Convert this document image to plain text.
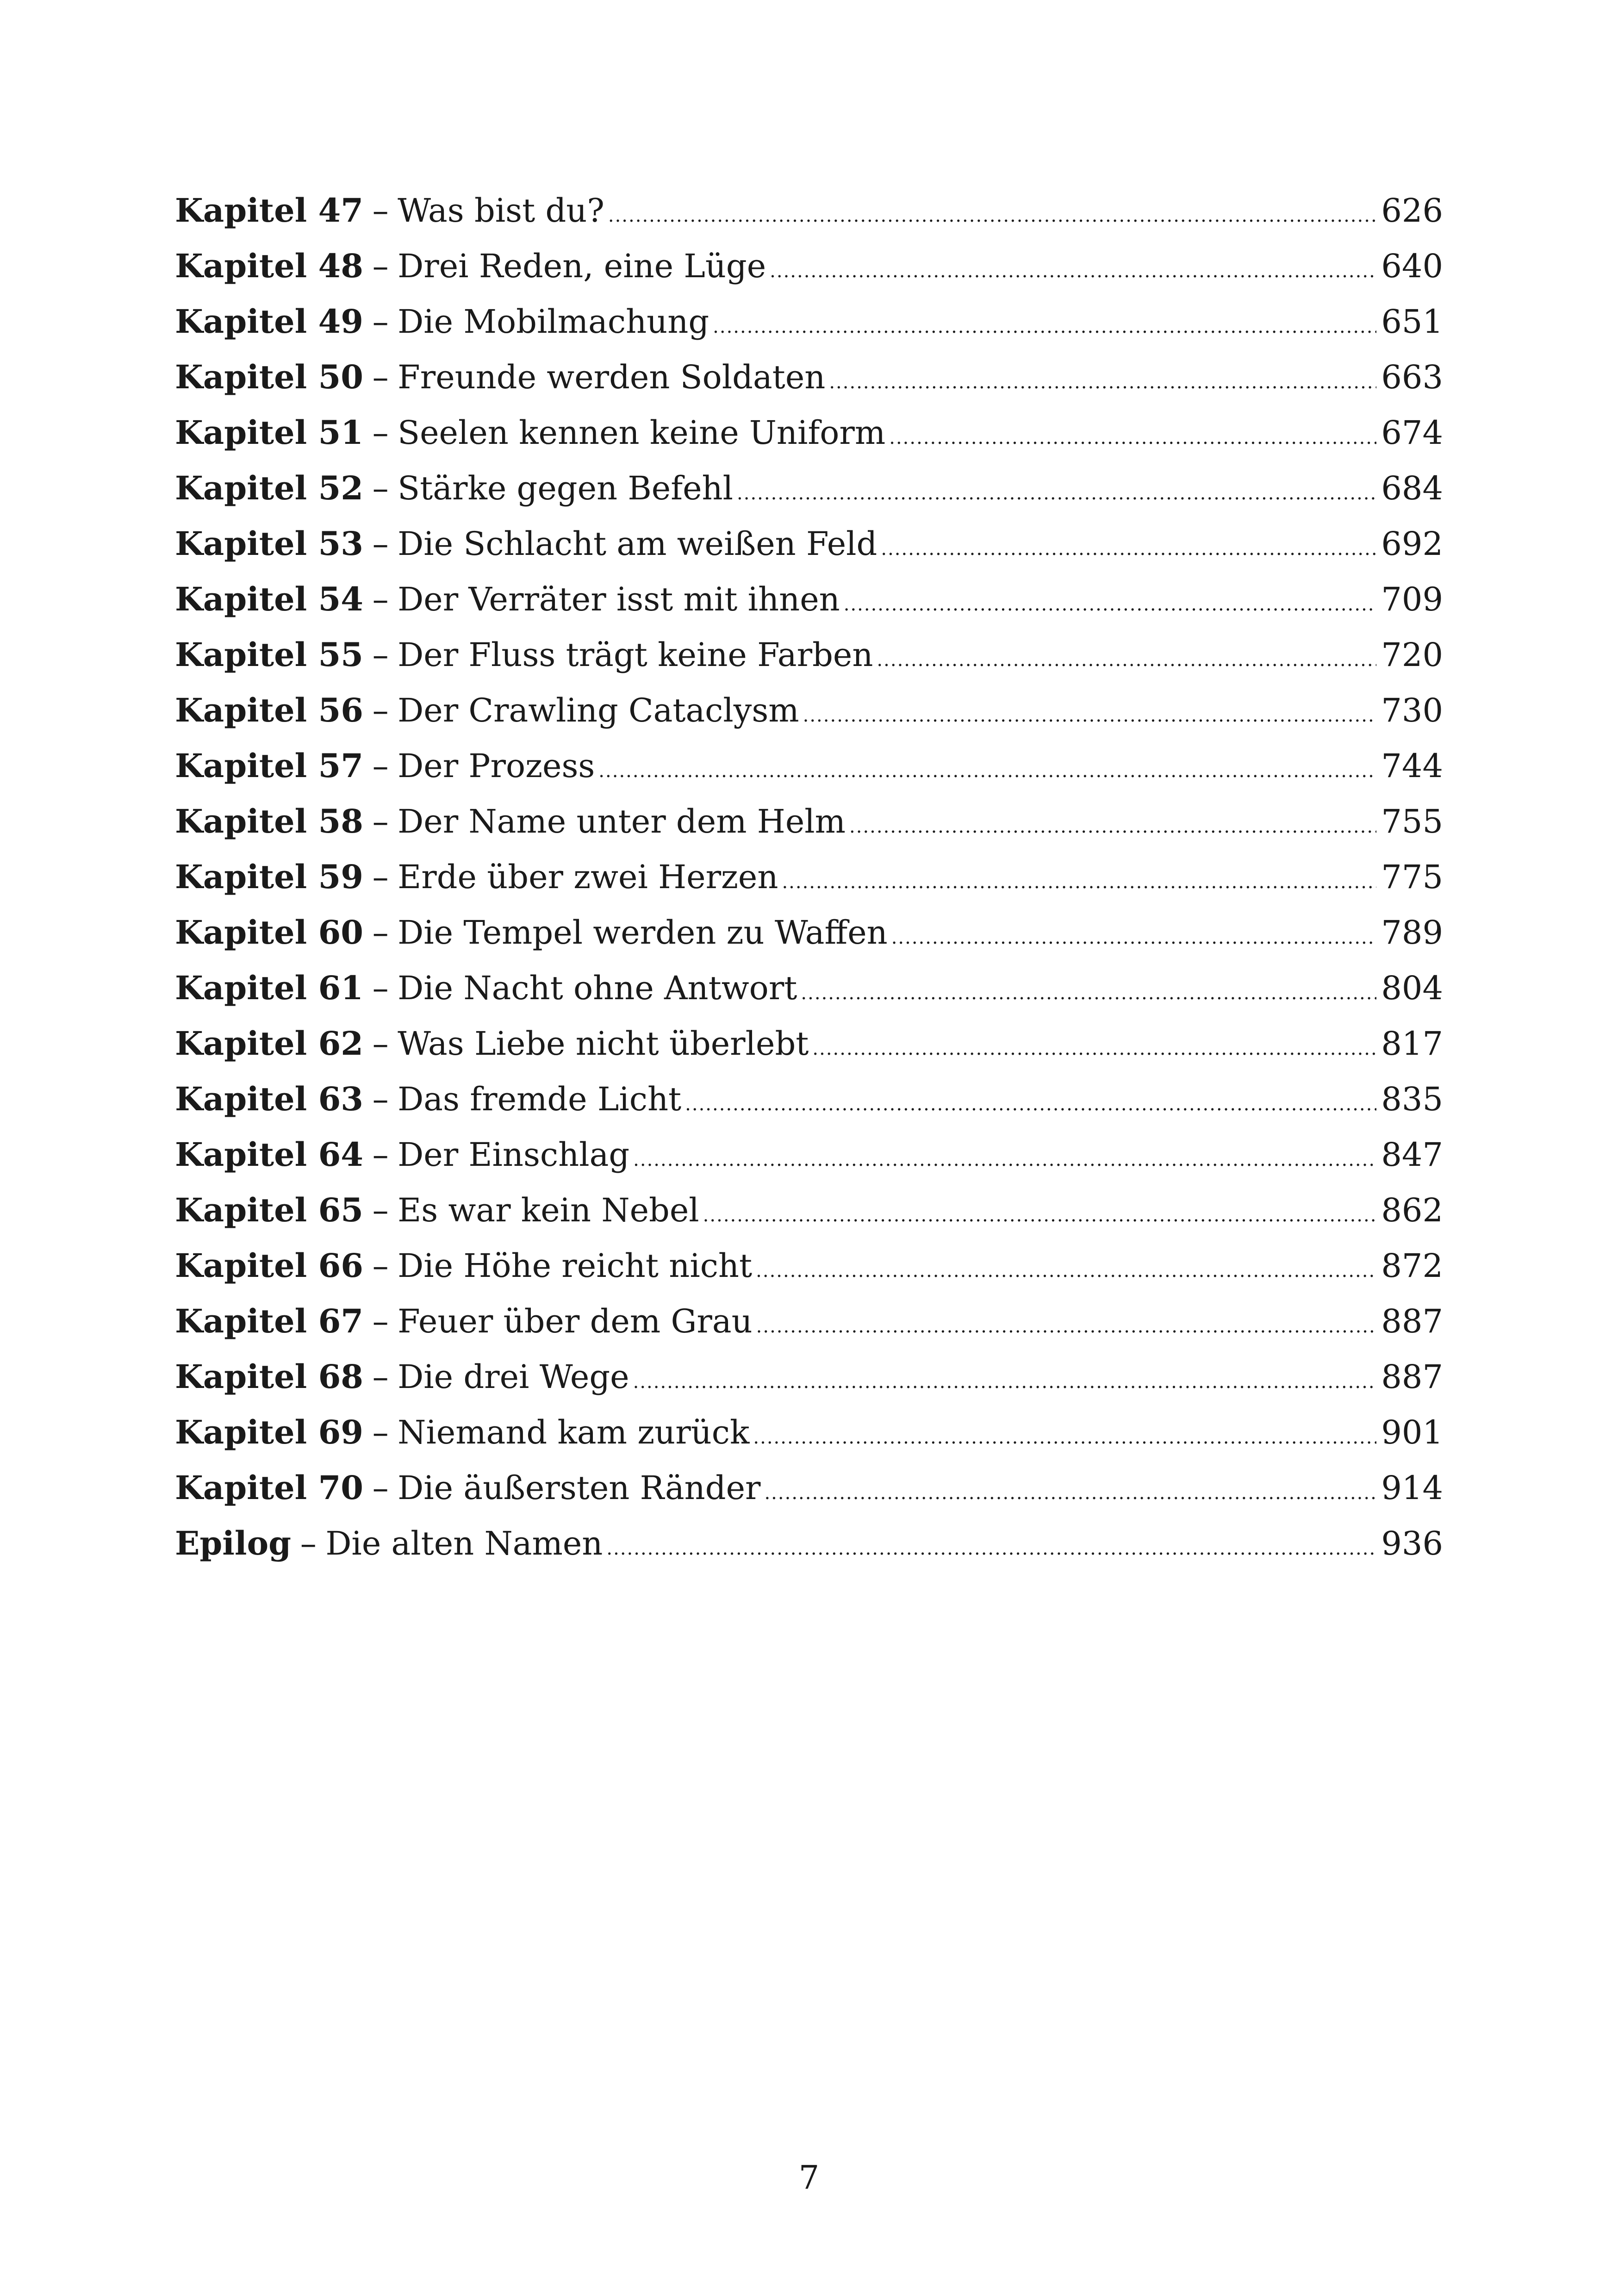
Kapitel 47 – Was bist du? .....	626
Kapitel 48 – Drei Reden, eine Lüge .....	640
Kapitel 49 – Die Mobilmachung .....	651
Kapitel 50 – Freunde werden Soldaten .....	663
Kapitel 51 – Seelen kennen keine Uniform .....	674
Kapitel 52 – Stärke gegen Befehl .....	684
Kapitel 53 – Die Schlacht am weißen Feld .....	692
Kapitel 54 – Der Verräter isst mit ihnen .....	709
Kapitel 55 – Der Fluss trägt keine Farben .....	720
Kapitel 56 – Der Crawling Cataclysm .....	730
Kapitel 57 – Der Prozess .....	744
Kapitel 58 – Der Name unter dem Helm .....	755
Kapitel 59 – Erde über zwei Herzen .....	775
Kapitel 60 – Die Tempel werden zu Waffen .....	789
Kapitel 61 – Die Nacht ohne Antwort .....	804
Kapitel 62 – Was Liebe nicht überlebt .....	817
Kapitel 63 – Das fremde Licht .....	835
Kapitel 64 – Der Einschlag .....	847
Kapitel 65 – Es war kein Nebel .....	862
Kapitel 66 – Die Höhe reicht nicht .....	872
Kapitel 67 – Feuer über dem Grau .....	887
Kapitel 68 – Die drei Wege .....	887
Kapitel 69 – Niemand kam zurück .....	901
Kapitel 70 – Die äußersten Ränder .....	914
Epilog – Die alten Namen .....	936
7
